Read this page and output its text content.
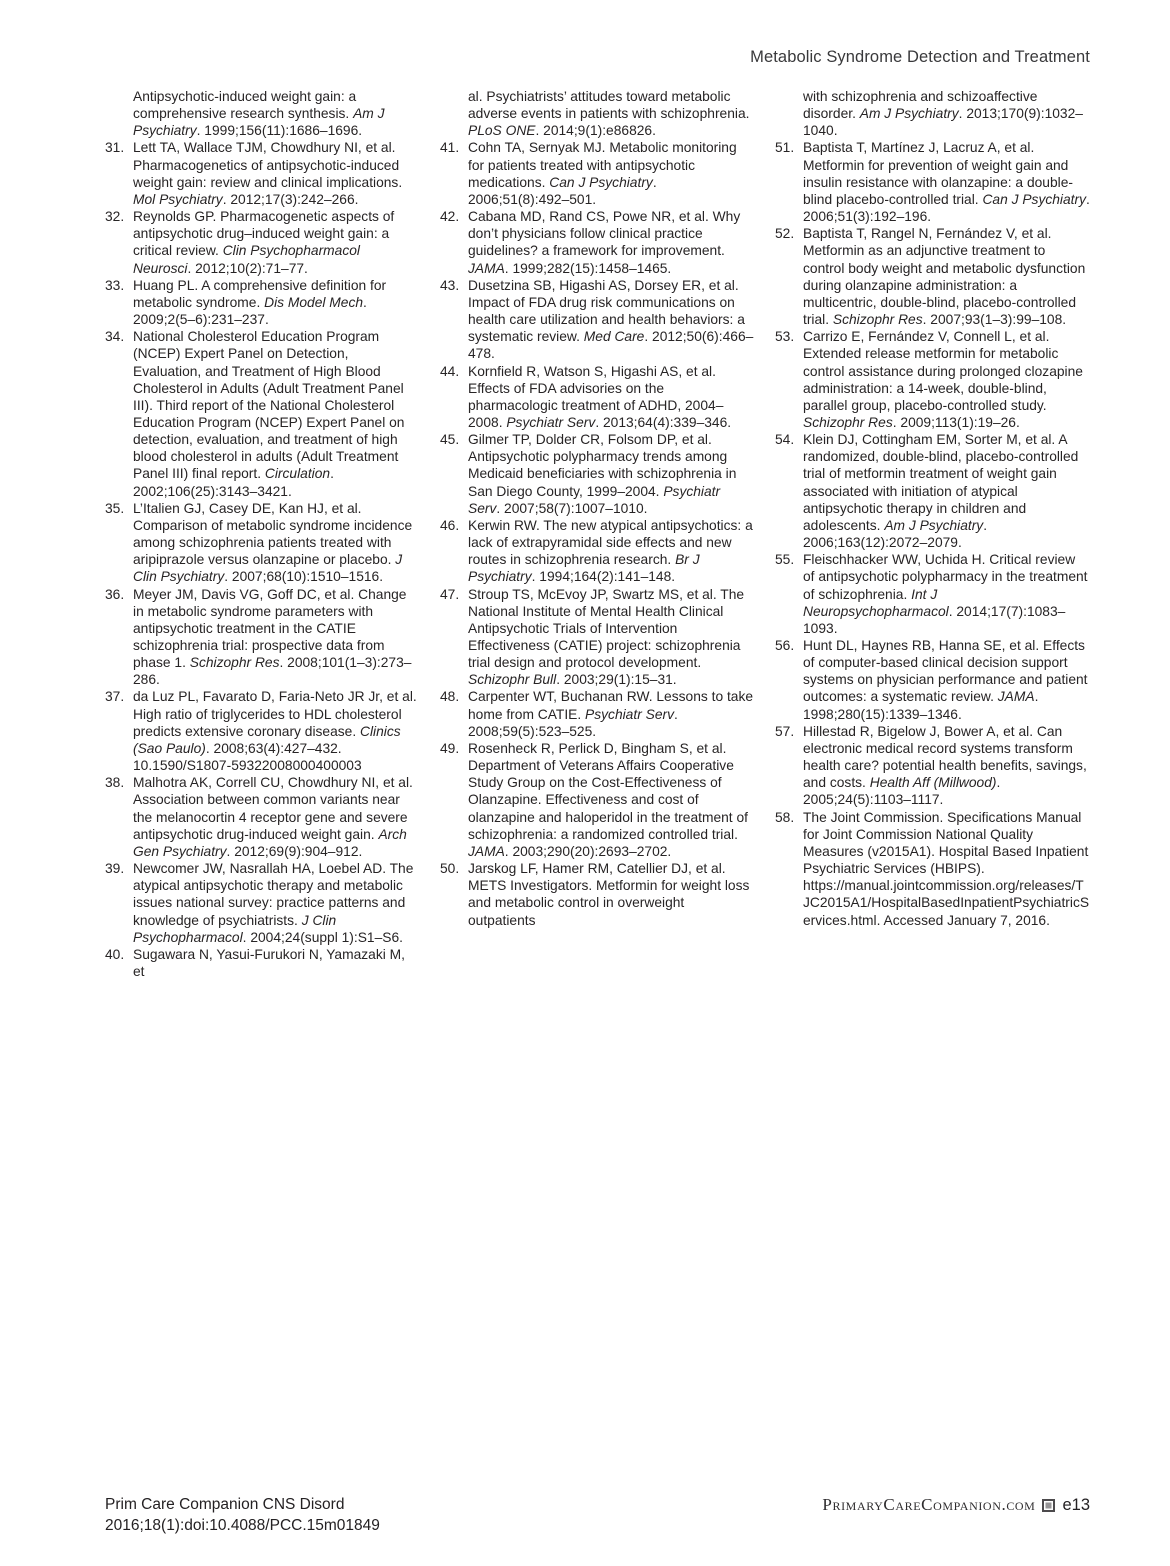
Metabolic Syndrome Detection and Treatment
Antipsychotic-induced weight gain: a comprehensive research synthesis. Am J Psychiatry. 1999;156(11):1686–1696.
31. Lett TA, Wallace TJM, Chowdhury NI, et al. Pharmacogenetics of antipsychotic-induced weight gain: review and clinical implications. Mol Psychiatry. 2012;17(3):242–266.
32. Reynolds GP. Pharmacogenetic aspects of antipsychotic drug–induced weight gain: a critical review. Clin Psychopharmacol Neurosci. 2012;10(2):71–77.
33. Huang PL. A comprehensive definition for metabolic syndrome. Dis Model Mech. 2009;2(5–6):231–237.
34. National Cholesterol Education Program (NCEP) Expert Panel on Detection, Evaluation, and Treatment of High Blood Cholesterol in Adults (Adult Treatment Panel III). Third report of the National Cholesterol Education Program (NCEP) Expert Panel on detection, evaluation, and treatment of high blood cholesterol in adults (Adult Treatment Panel III) final report. Circulation. 2002;106(25):3143–3421.
35. L’Italien GJ, Casey DE, Kan HJ, et al. Comparison of metabolic syndrome incidence among schizophrenia patients treated with aripiprazole versus olanzapine or placebo. J Clin Psychiatry. 2007;68(10):1510–1516.
36. Meyer JM, Davis VG, Goff DC, et al. Change in metabolic syndrome parameters with antipsychotic treatment in the CATIE schizophrenia trial: prospective data from phase 1. Schizophr Res. 2008;101(1–3):273–286.
37. da Luz PL, Favarato D, Faria-Neto JR Jr, et al. High ratio of triglycerides to HDL cholesterol predicts extensive coronary disease. Clinics (Sao Paulo). 2008;63(4):427–432. 10.1590/S1807-59322008000400003
38. Malhotra AK, Correll CU, Chowdhury NI, et al. Association between common variants near the melanocortin 4 receptor gene and severe antipsychotic drug-induced weight gain. Arch Gen Psychiatry. 2012;69(9):904–912.
39. Newcomer JW, Nasrallah HA, Loebel AD. The atypical antipsychotic therapy and metabolic issues national survey: practice patterns and knowledge of psychiatrists. J Clin Psychopharmacol. 2004;24(suppl 1):S1–S6.
40. Sugawara N, Yasui-Furukori N, Yamazaki M, et
al. Psychiatrists’ attitudes toward metabolic adverse events in patients with schizophrenia. PLoS ONE. 2014;9(1):e86826.
41. Cohn TA, Sernyak MJ. Metabolic monitoring for patients treated with antipsychotic medications. Can J Psychiatry. 2006;51(8):492–501.
42. Cabana MD, Rand CS, Powe NR, et al. Why don’t physicians follow clinical practice guidelines? a framework for improvement. JAMA. 1999;282(15):1458–1465.
43. Dusetzina SB, Higashi AS, Dorsey ER, et al. Impact of FDA drug risk communications on health care utilization and health behaviors: a systematic review. Med Care. 2012;50(6):466–478.
44. Kornfield R, Watson S, Higashi AS, et al. Effects of FDA advisories on the pharmacologic treatment of ADHD, 2004–2008. Psychiatr Serv. 2013;64(4):339–346.
45. Gilmer TP, Dolder CR, Folsom DP, et al. Antipsychotic polypharmacy trends among Medicaid beneficiaries with schizophrenia in San Diego County, 1999–2004. Psychiatr Serv. 2007;58(7):1007–1010.
46. Kerwin RW. The new atypical antipsychotics: a lack of extrapyramidal side effects and new routes in schizophrenia research. Br J Psychiatry. 1994;164(2):141–148.
47. Stroup TS, McEvoy JP, Swartz MS, et al. The National Institute of Mental Health Clinical Antipsychotic Trials of Intervention Effectiveness (CATIE) project: schizophrenia trial design and protocol development. Schizophr Bull. 2003;29(1):15–31.
48. Carpenter WT, Buchanan RW. Lessons to take home from CATIE. Psychiatr Serv. 2008;59(5):523–525.
49. Rosenheck R, Perlick D, Bingham S, et al. Department of Veterans Affairs Cooperative Study Group on the Cost-Effectiveness of Olanzapine. Effectiveness and cost of olanzapine and haloperidol in the treatment of schizophrenia: a randomized controlled trial. JAMA. 2003;290(20):2693–2702.
50. Jarskog LF, Hamer RM, Catellier DJ, et al. METS Investigators. Metformin for weight loss and metabolic control in overweight outpatients
with schizophrenia and schizoaffective disorder. Am J Psychiatry. 2013;170(9):1032–1040.
51. Baptista T, Martínez J, Lacruz A, et al. Metformin for prevention of weight gain and insulin resistance with olanzapine: a double-blind placebo-controlled trial. Can J Psychiatry. 2006;51(3):192–196.
52. Baptista T, Rangel N, Fernández V, et al. Metformin as an adjunctive treatment to control body weight and metabolic dysfunction during olanzapine administration: a multicentric, double-blind, placebo-controlled trial. Schizophr Res. 2007;93(1–3):99–108.
53. Carrizo E, Fernández V, Connell L, et al. Extended release metformin for metabolic control assistance during prolonged clozapine administration: a 14-week, double-blind, parallel group, placebo-controlled study. Schizophr Res. 2009;113(1):19–26.
54. Klein DJ, Cottingham EM, Sorter M, et al. A randomized, double-blind, placebo-controlled trial of metformin treatment of weight gain associated with initiation of atypical antipsychotic therapy in children and adolescents. Am J Psychiatry. 2006;163(12):2072–2079.
55. Fleischhacker WW, Uchida H. Critical review of antipsychotic polypharmacy in the treatment of schizophrenia. Int J Neuropsychopharmacol. 2014;17(7):1083–1093.
56. Hunt DL, Haynes RB, Hanna SE, et al. Effects of computer-based clinical decision support systems on physician performance and patient outcomes: a systematic review. JAMA. 1998;280(15):1339–1346.
57. Hillestad R, Bigelow J, Bower A, et al. Can electronic medical record systems transform health care? potential health benefits, savings, and costs. Health Aff (Millwood). 2005;24(5):1103–1117.
58. The Joint Commission. Specifications Manual for Joint Commission National Quality Measures (v2015A1). Hospital Based Inpatient Psychiatric Services (HBIPS). https://manual.jointcommission.org/releases/TJC2015A1/HospitalBasedInpatientPsychiatricServices.html. Accessed January 7, 2016.
Prim Care Companion CNS Disord
2016;18(1):doi:10.4088/PCC.15m01849
PrimaryCareCompanion.com e13
